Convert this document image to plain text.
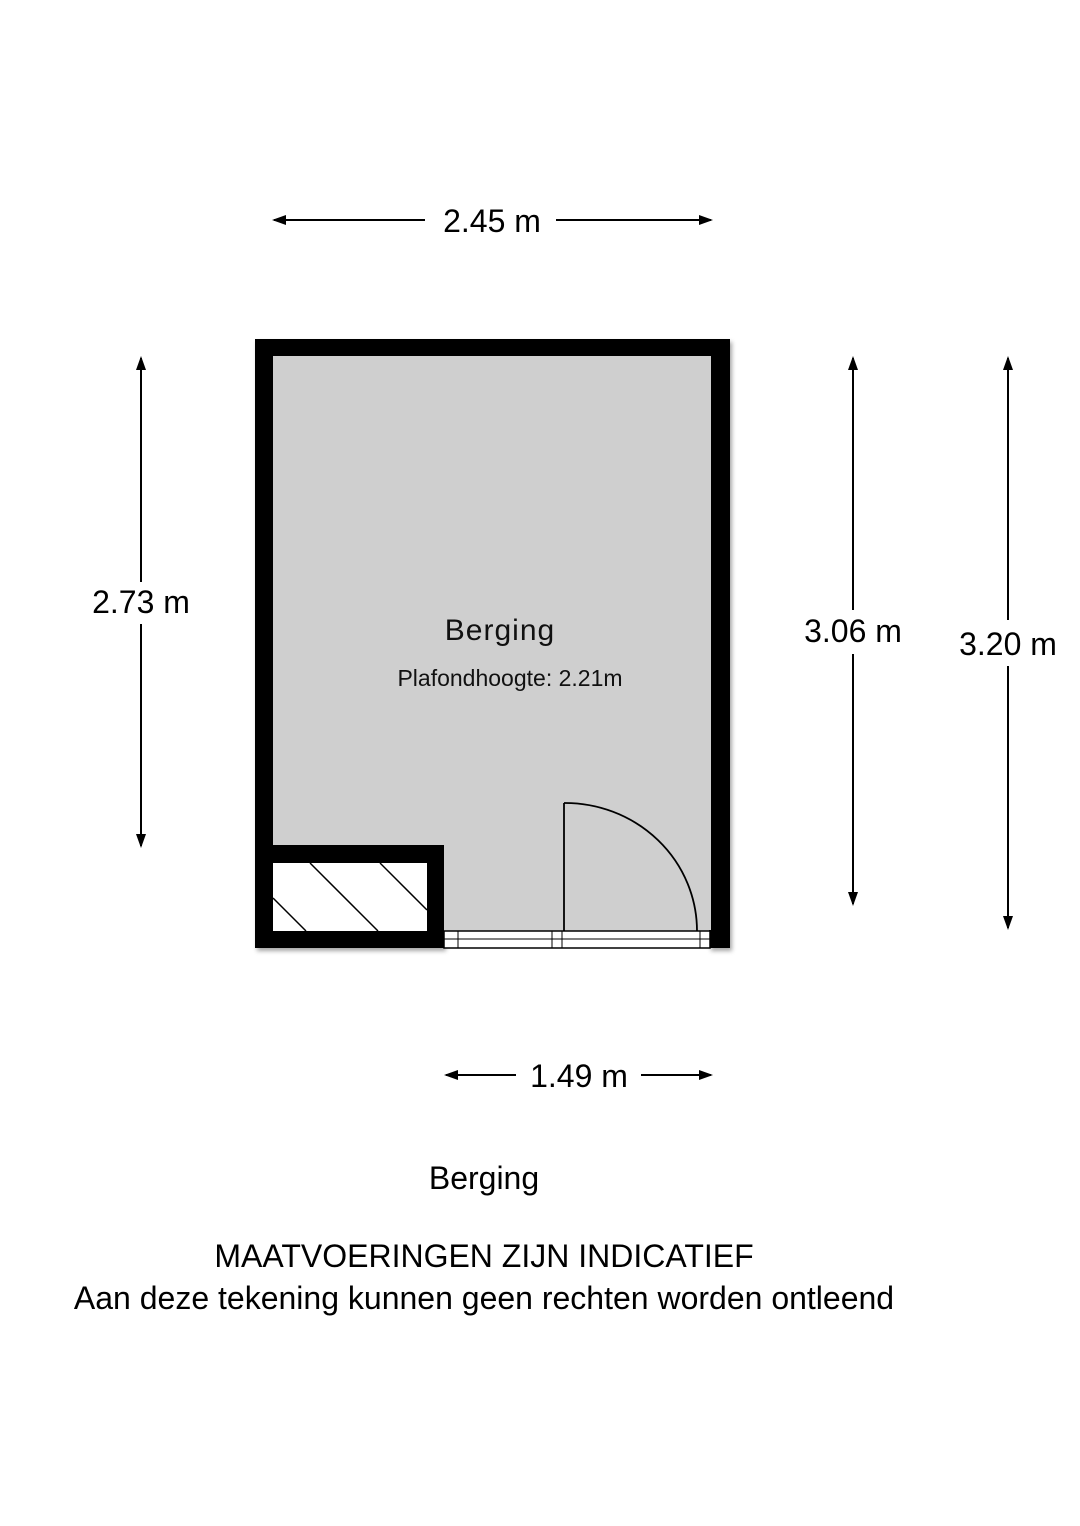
2.45 m
2.73 m
3.06 m 3.20 m
Berging
Plafondhoogte: 2.21m
1.49 m
Berging
MAATVOERINGEN ZIJN INDICATIEF
Aan deze tekening kunnen geen rechten worden ontleend
